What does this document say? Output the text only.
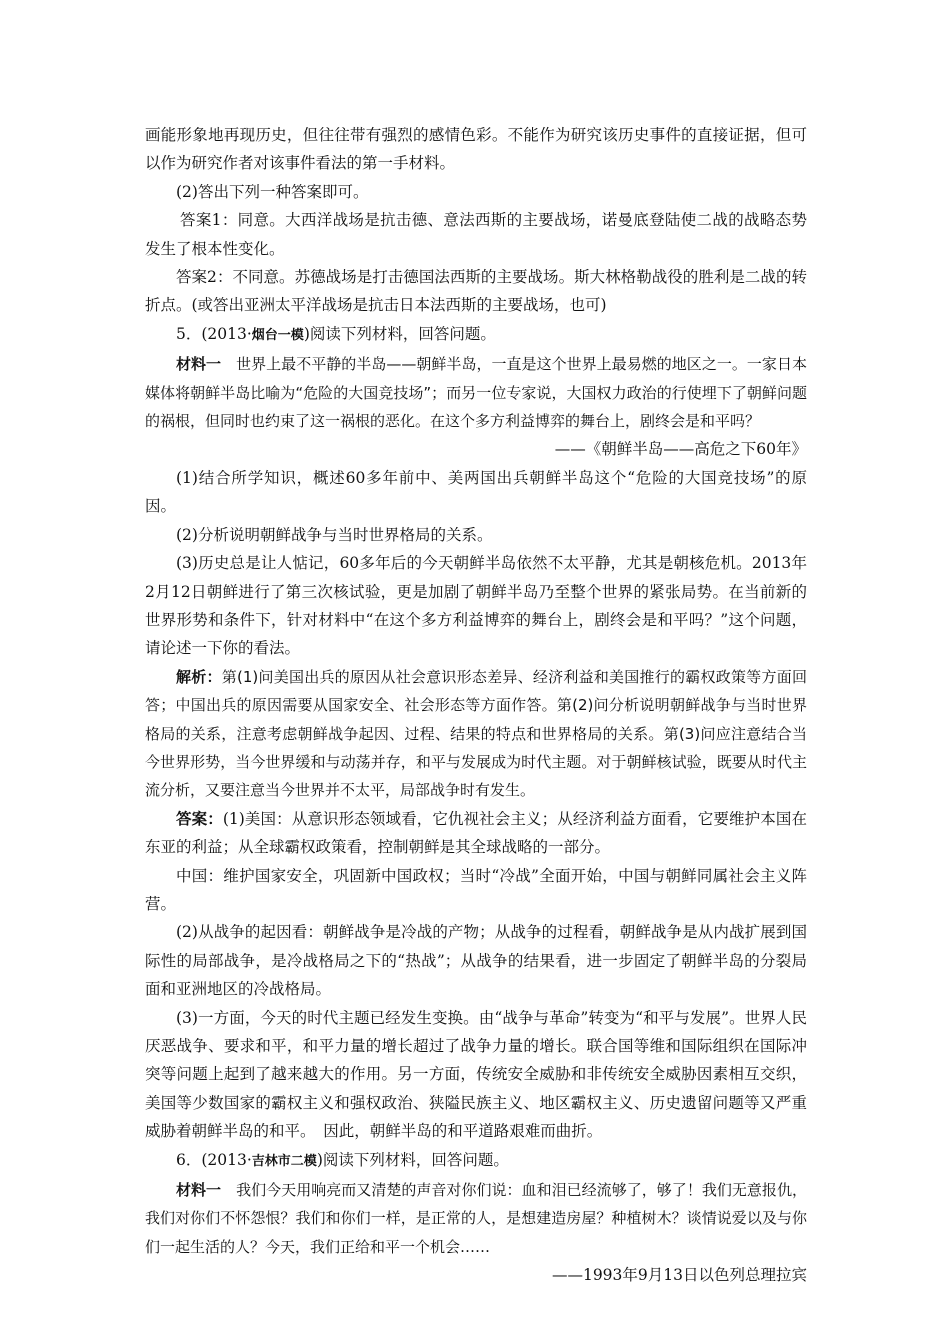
画能形象地再现历史，但往往带有强烈的感情色彩。不能作为研究该历史事件的直接证据，但可以作为研究作者对该事件看法的第一手材料。

(2)答出下列一种答案即可。

答案1：同意。大西洋战场是抗击德、意法西斯的主要战场，诺曼底登陆使二战的战略态势发生了根本性变化。

答案2：不同意。苏德战场是打击德国法西斯的主要战场。斯大林格勒战役的胜利是二战的转折点。(或答出亚洲太平洋战场是抗击日本法西斯的主要战场，也可)

5．(2013·烟台一模)阅读下列材料，回答问题。

材料一　世界上最不平静的半岛——朝鲜半岛，一直是这个世界上最易燃的地区之一。一家日本媒体将朝鲜半岛比喻为“危险的大国竞技场”；而另一位专家说，大国权力政治的行使埋下了朝鲜问题的祸根，但同时也约束了这一祸根的恶化。在这个多方利益博弈的舞台上，剧终会是和平吗？

——《朝鲜半岛——高危之下60年》

(1)结合所学知识，概述60多年前中、美两国出兵朝鲜半岛这个“危险的大国竞技场”的原因。

(2)分析说明朝鲜战争与当时世界格局的关系。

(3)历史总是让人惦记，60多年后的今天朝鲜半岛依然不太平静，尤其是朝核危机。2013年2月12日朝鲜进行了第三次核试验，更是加剧了朝鲜半岛乃至整个世界的紧张局势。在当前新的世界形势和条件下，针对材料中“在这个多方利益博弈的舞台上，剧终会是和平吗？”这个问题，请论述一下你的看法。

解析：第(1)问美国出兵的原因从社会意识形态差异、经济利益和美国推行的霸权政策等方面回答；中国出兵的原因需要从国家安全、社会形态等方面作答。第(2)问分析说明朝鲜战争与当时世界格局的关系，注意考虑朝鲜战争起因、过程、结果的特点和世界格局的关系。第(3)问应注意结合当今世界形势，当今世界缓和与动荡并存，和平与发展成为时代主题。对于朝鲜核试验，既要从时代主流分析，又要注意当今世界并不太平，局部战争时有发生。

答案：(1)美国：从意识形态领域看，它仇视社会主义；从经济利益方面看，它要维护本国在东亚的利益；从全球霸权政策看，控制朝鲜是其全球战略的一部分。

中国：维护国家安全，巩固新中国政权；当时“冷战”全面开始，中国与朝鲜同属社会主义阵营。

(2)从战争的起因看：朝鲜战争是冷战的产物；从战争的过程看，朝鲜战争是从内战扩展到国际性的局部战争，是冷战格局之下的“热战”；从战争的结果看，进一步固定了朝鲜半岛的分裂局面和亚洲地区的冷战格局。

(3)一方面，今天的时代主题已经发生变换。由“战争与革命”转变为“和平与发展”。世界人民厌恶战争、要求和平，和平力量的增长超过了战争力量的增长。联合国等维和国际组织在国际冲突等问题上起到了越来越大的作用。另一方面，传统安全威胁和非传统安全威胁因素相互交织，美国等少数国家的霸权主义和强权政治、狭隘民族主义、地区霸权主义、历史遗留问题等又严重威胁着朝鲜半岛的和平。　因此，朝鲜半岛的和平道路艰难而曲折。

6．(2013·吉林市二模)阅读下列材料，回答问题。

材料一　我们今天用响亮而又清楚的声音对你们说：血和泪已经流够了，够了！我们无意报仇，我们对你们不怀怨恨？我们和你们一样，是正常的人，是想建造房屋？种植树木？谈情说爱以及与你们一起生活的人？今天，我们正给和平一个机会……

——1993年9月13日以色列总理拉宾
